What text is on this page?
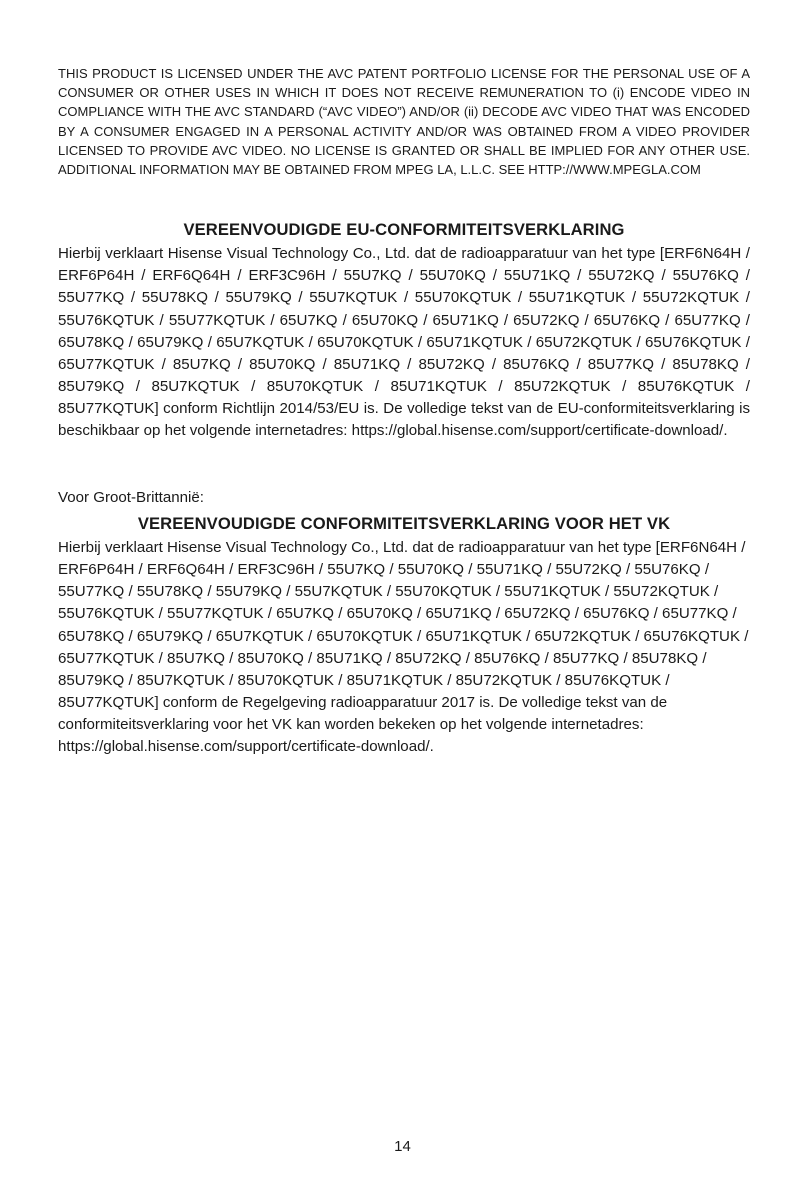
THIS PRODUCT IS LICENSED UNDER THE AVC PATENT PORTFOLIO LICENSE FOR THE PERSONAL USE OF A CONSUMER OR OTHER USES IN WHICH IT DOES NOT RECEIVE REMUNERATION TO (i) ENCODE VIDEO IN COMPLIANCE WITH THE AVC STANDARD (“AVC VIDEO”) AND/OR (ii) DECODE AVC VIDEO THAT WAS ENCODED BY A CONSUMER ENGAGED IN A PERSONAL ACTIVITY AND/OR WAS OBTAINED FROM A VIDEO PROVIDER LICENSED TO PROVIDE AVC VIDEO. NO LICENSE IS GRANTED OR SHALL BE IMPLIED FOR ANY OTHER USE. ADDITIONAL INFORMATION MAY BE OBTAINED FROM MPEG LA, L.L.C. SEE HTTP://WWW.MPEGLA.COM

VEREENVOUDIGDE EU-CONFORMITEITSVERKLARING

Hierbij verklaart Hisense Visual Technology Co., Ltd. dat de radioapparatuur van het type [ERF6N64H / ERF6P64H / ERF6Q64H / ERF3C96H / 55U7KQ / 55U70KQ / 55U71KQ / 55U72KQ / 55U76KQ / 55U77KQ / 55U78KQ / 55U79KQ / 55U7KQTUK / 55U70KQTUK / 55U71KQTUK / 55U72KQTUK / 55U76KQTUK / 55U77KQTUK / 65U7KQ / 65U70KQ / 65U71KQ / 65U72KQ / 65U76KQ / 65U77KQ / 65U78KQ / 65U79KQ / 65U7KQTUK / 65U70KQTUK / 65U71KQTUK / 65U72KQTUK / 65U76KQTUK / 65U77KQTUK / 85U7KQ / 85U70KQ / 85U71KQ / 85U72KQ / 85U76KQ / 85U77KQ / 85U78KQ / 85U79KQ / 85U7KQTUK / 85U70KQTUK / 85U71KQTUK / 85U72KQTUK / 85U76KQTUK / 85U77KQTUK] conform Richtlijn 2014/53/EU is. De volledige tekst van de EU-conformiteitsverklaring is beschikbaar op het volgende internetadres: https://global.hisense.com/support/certificate-download/.

Voor Groot-Brittannië:

VEREENVOUDIGDE CONFORMITEITSVERKLARING VOOR HET VK

Hierbij verklaart Hisense Visual Technology Co., Ltd. dat de radioapparatuur van het type [ERF6N64H / ERF6P64H / ERF6Q64H / ERF3C96H / 55U7KQ / 55U70KQ / 55U71KQ / 55U72KQ / 55U76KQ / 55U77KQ / 55U78KQ / 55U79KQ / 55U7KQTUK / 55U70KQTUK / 55U71KQTUK / 55U72KQTUK / 55U76KQTUK / 55U77KQTUK / 65U7KQ / 65U70KQ / 65U71KQ / 65U72KQ / 65U76KQ / 65U77KQ / 65U78KQ / 65U79KQ / 65U7KQTUK / 65U70KQTUK / 65U71KQTUK / 65U72KQTUK / 65U76KQTUK / 65U77KQTUK / 85U7KQ / 85U70KQ / 85U71KQ / 85U72KQ / 85U76KQ / 85U77KQ / 85U78KQ / 85U79KQ / 85U7KQTUK / 85U70KQTUK / 85U71KQTUK / 85U72KQTUK / 85U76KQTUK / 85U77KQTUK] conform de Regelgeving radioapparatuur 2017 is. De volledige tekst van de conformiteitsverklaring voor het VK kan worden bekeken op het volgende internetadres: https://global.hisense.com/support/certificate-download/.

14
